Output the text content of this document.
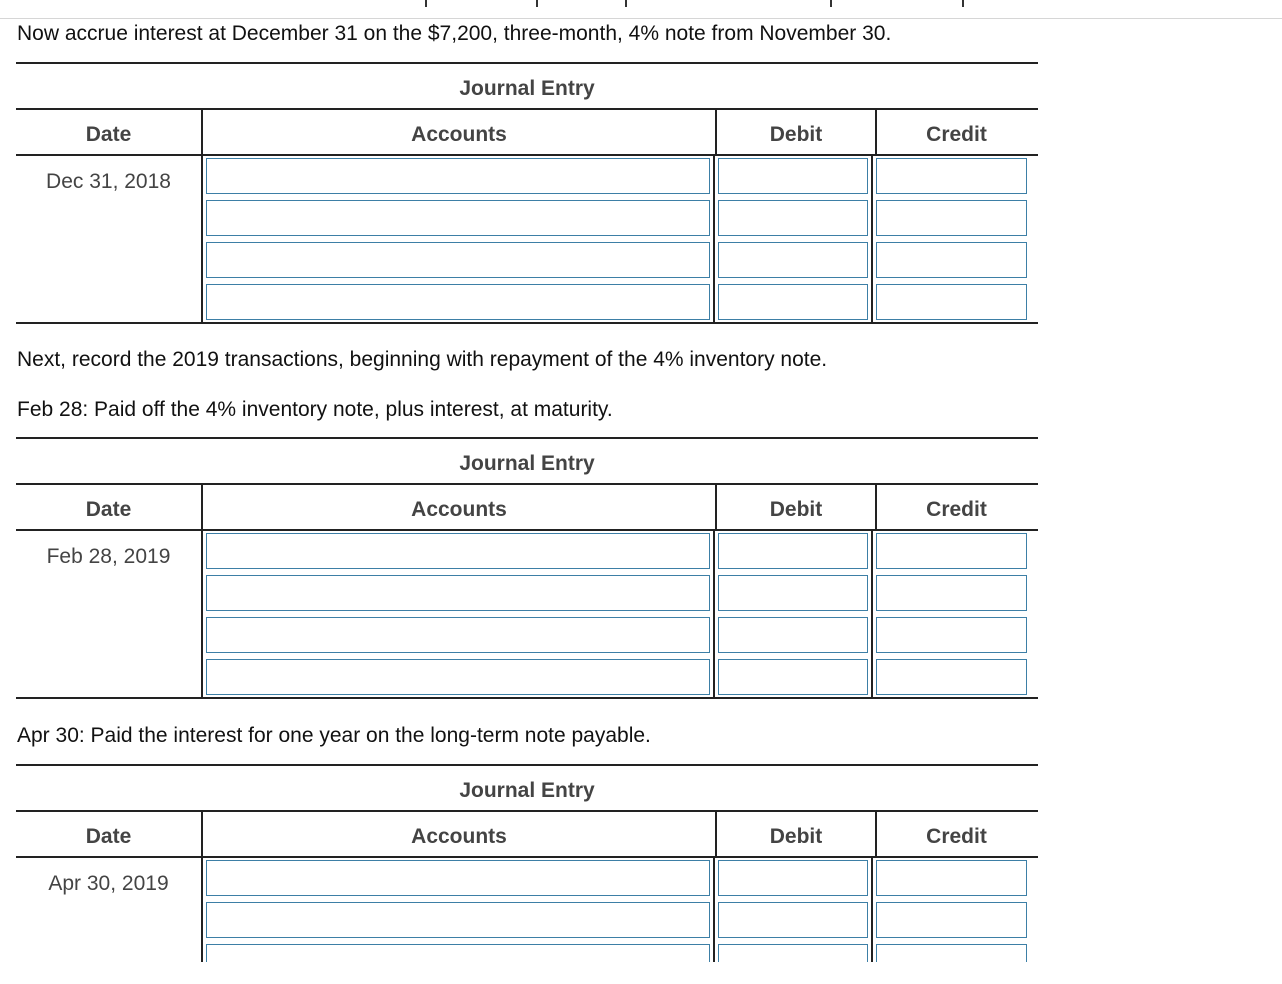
Now accrue interest at December 31 on the $7,200, three-month, 4% note from November 30.
Journal Entry
Date	Accounts	Debit	Credit
Dec 31, 2018
Next, record the 2019 transactions, beginning with repayment of the 4% inventory note.
Feb 28: Paid off the 4% inventory note, plus interest, at maturity.
Journal Entry
Date	Accounts	Debit	Credit
Feb 28, 2019
Apr 30: Paid the interest for one year on the long-term note payable.
Journal Entry
Date	Accounts	Debit	Credit
Apr 30, 2019
